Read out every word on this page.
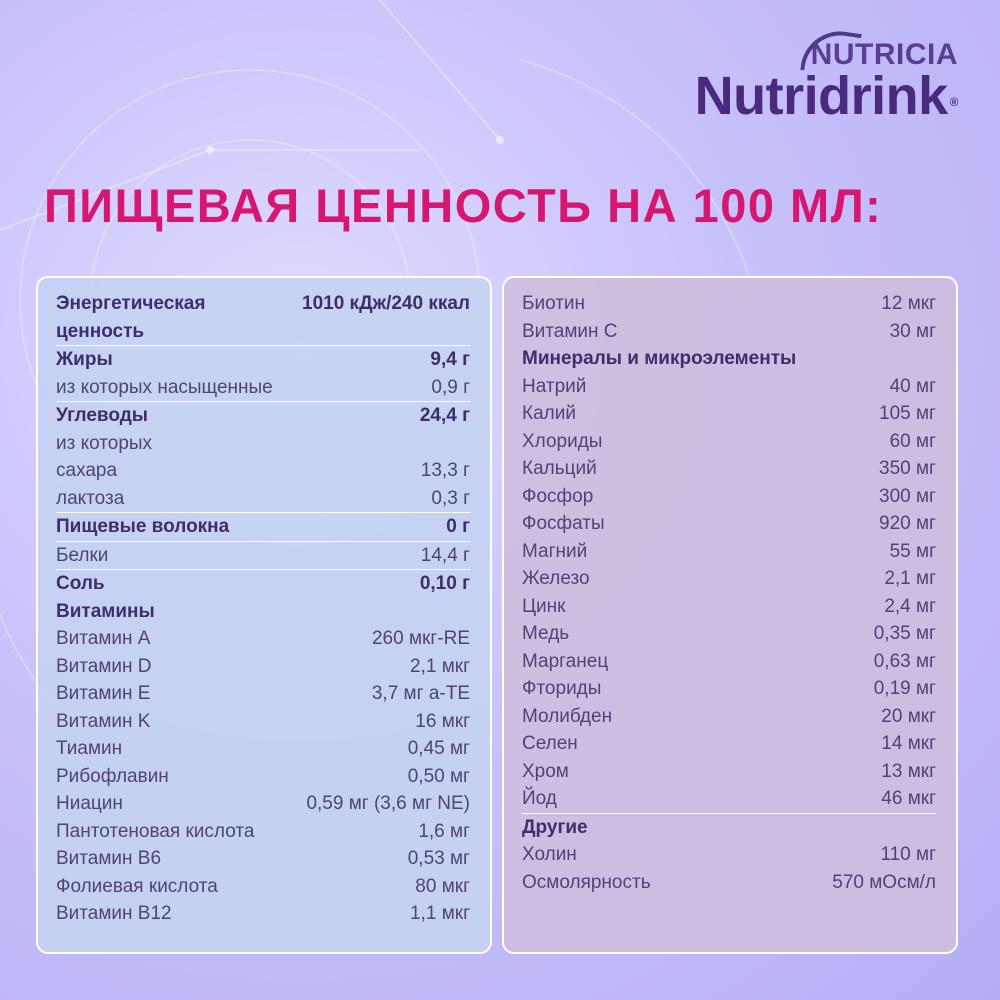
NUTRICIA
Nutridrink ®
ПИЩЕВАЯ ЦЕННОСТЬ НА 100 МЛ:
Энергетическая ценность
1010 кДж/240 ккал
Жиры	9,4 г
из которых насыщенные	0,9 г
Углеводы	24,4 г
из которых
сахара	13,3 г
лактоза	0,3 г
Пищевые волокна	0 г
Белки	14,4 г
Соль	0,10 г
Витамины
Витамин A	260 мкг-RE
Витамин D	2,1 мкг
Витамин E	3,7 мг a-TE
Витамин K	16 мкг
Тиамин	0,45 мг
Рибофлавин	0,50 мг
Ниацин	0,59 мг (3,6 мг NE)
Пантотеновая кислота	1,6 мг
Витамин B6	0,53 мг
Фолиевая кислота	80 мкг
Витамин B12	1,1 мкг
Биотин	12 мкг
Витамин C	30 мг
Минералы и микроэлементы
Натрий	40 мг
Калий	105 мг
Хлориды	60 мг
Кальций	350 мг
Фосфор	300 мг
Фосфаты	920 мг
Магний	55 мг
Железо	2,1 мг
Цинк	2,4 мг
Медь	0,35 мг
Марганец	0,63 мг
Фториды	0,19 мг
Молибден	20 мкг
Селен	14 мкг
Хром	13 мкг
Йод	46 мкг
Другие
Холин	110 мг
Осмолярность	570 мOсм/л
